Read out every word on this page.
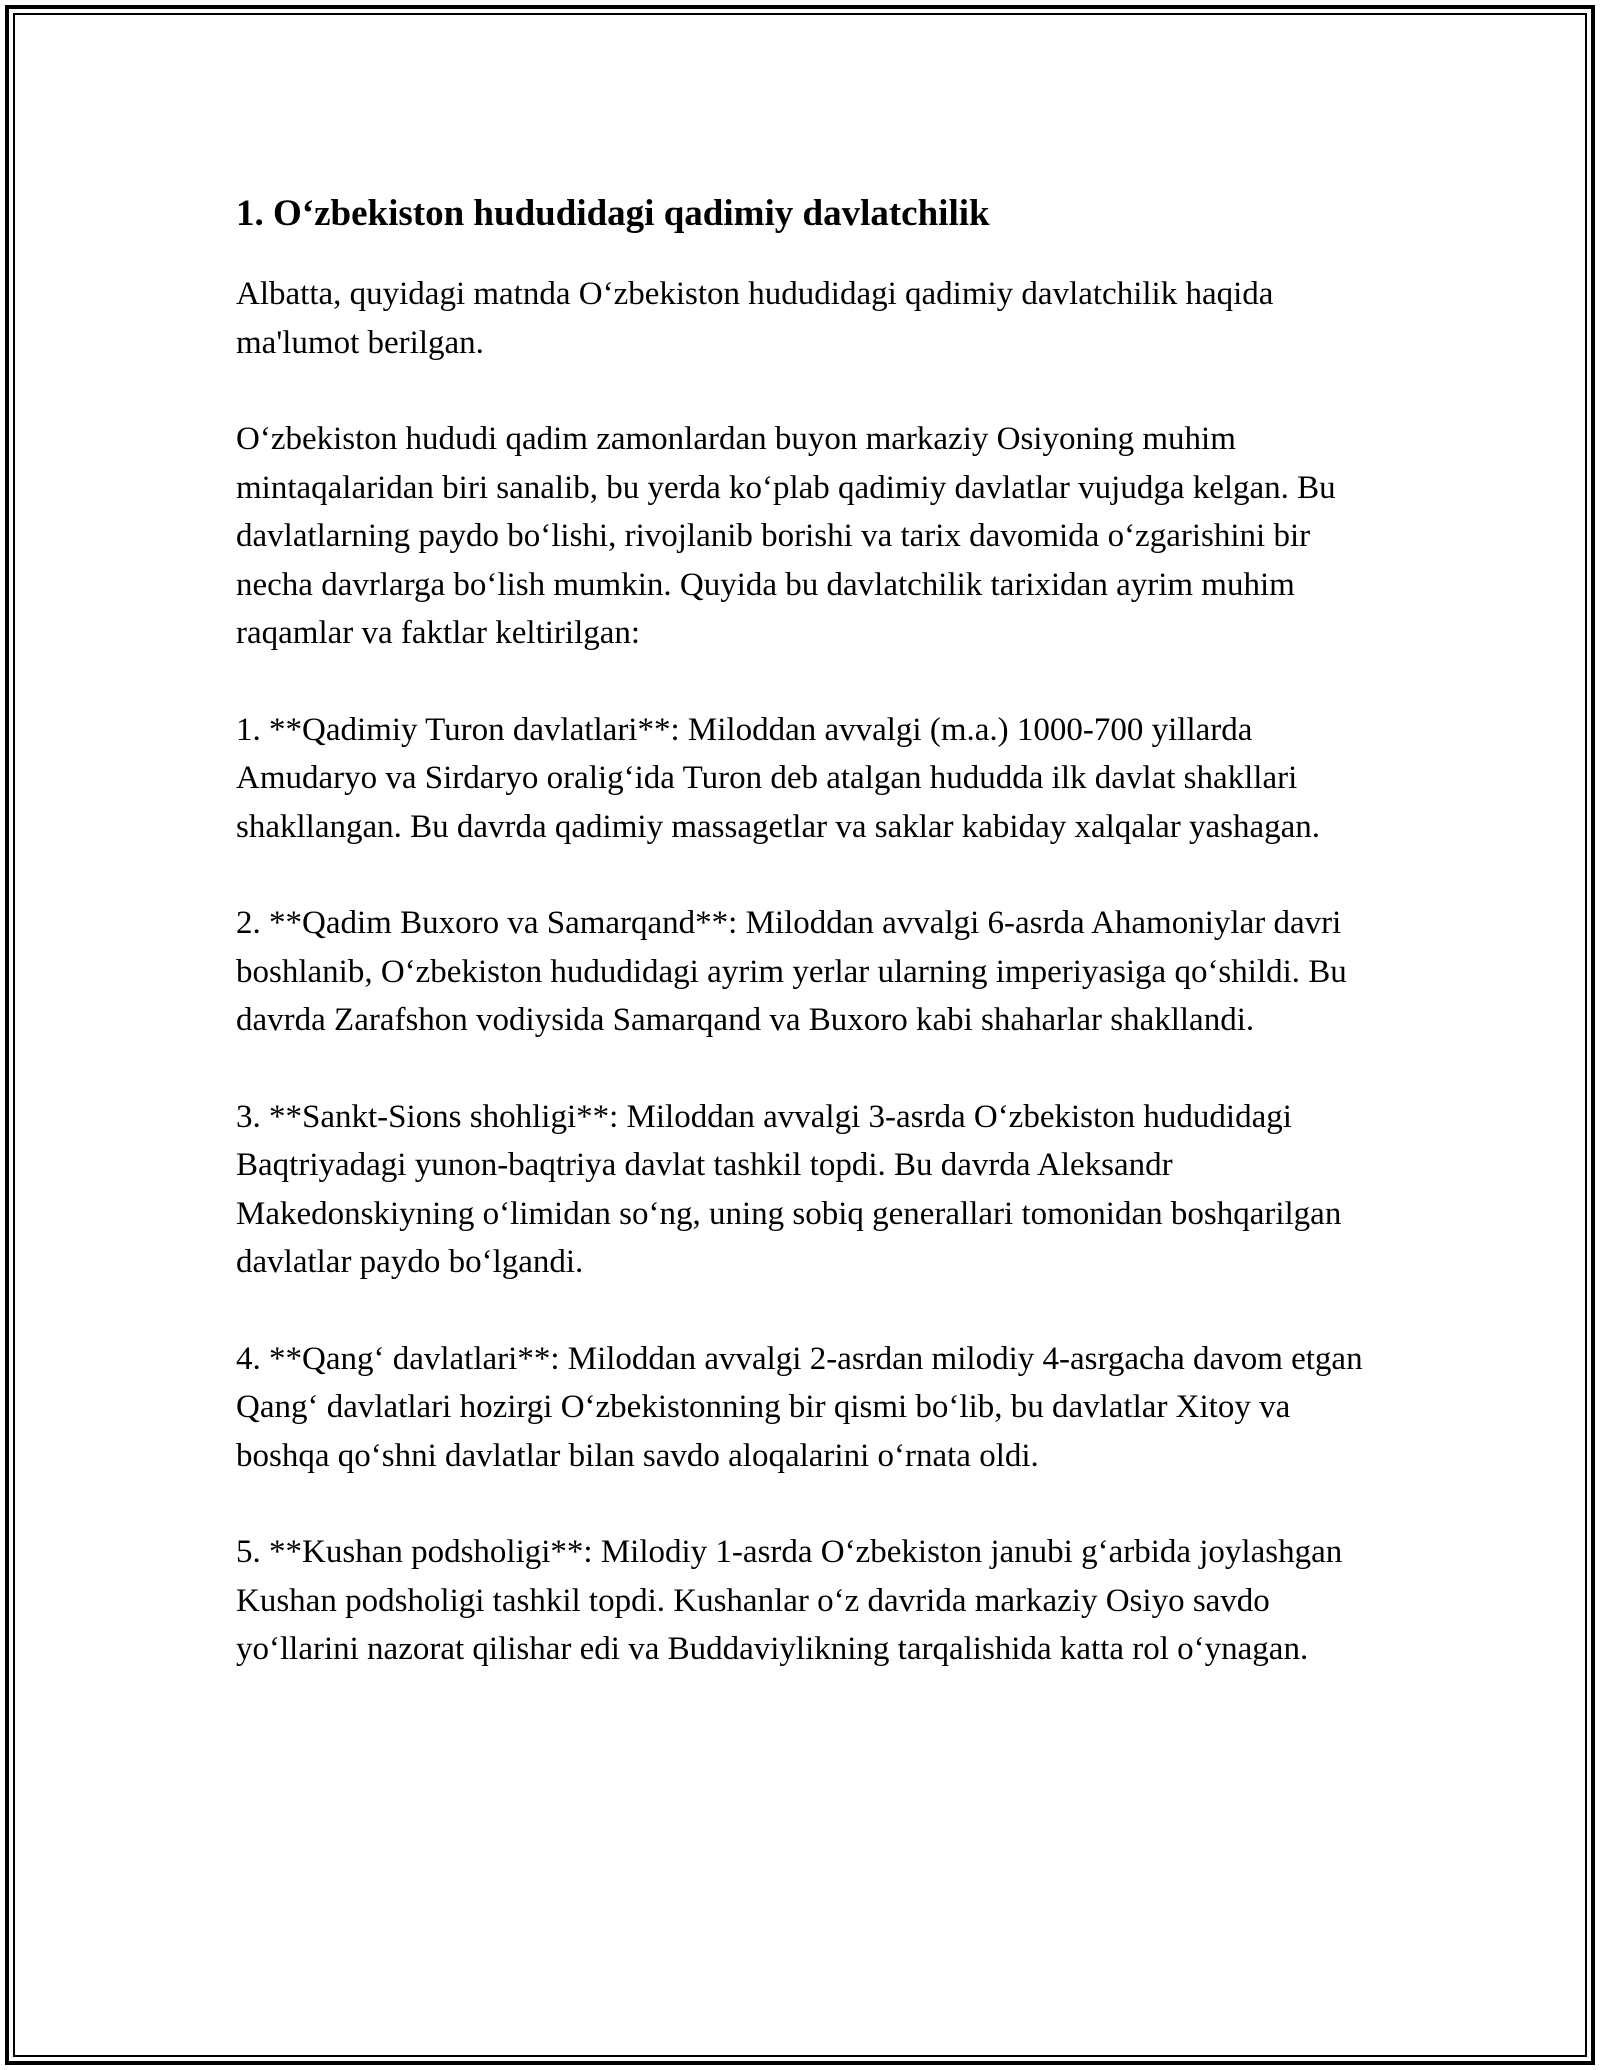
1. O‘zbekiston hududidagi qadimiy davlatchilik

Albatta, quyidagi matnda O‘zbekiston hududidagi qadimiy davlatchilik haqida ma'lumot berilgan.

O‘zbekiston hududi qadim zamonlardan buyon markaziy Osiyoning muhim mintaqalaridan biri sanalib, bu yerda ko‘plab qadimiy davlatlar vujudga kelgan. Bu davlatlarning paydo bo‘lishi, rivojlanib borishi va tarix davomida o‘zgarishini bir necha davrlarga bo‘lish mumkin. Quyida bu davlatchilik tarixidan ayrim muhim raqamlar va faktlar keltirilgan:

1. **Qadimiy Turon davlatlari**: Miloddan avvalgi (m.a.) 1000-700 yillarda Amudaryo va Sirdaryo oralig‘ida Turon deb atalgan hududda ilk davlat shakllari shakllangan. Bu davrda qadimiy massagetlar va saklar kabiday xalqalar yashagan.

2. **Qadim Buxoro va Samarqand**: Miloddan avvalgi 6-asrda Ahamoniylar davri boshlanib, O‘zbekiston hududidagi ayrim yerlar ularning imperiyasiga qo‘shildi. Bu davrda Zarafshon vodiysida Samarqand va Buxoro kabi shaharlar shakllandi.

3. **Sankt-Sions shohligi**: Miloddan avvalgi 3-asrda O‘zbekiston hududidagi Baqtriyadagi yunon-baqtriya davlat tashkil topdi. Bu davrda Aleksandr Makedonskiyning o‘limidan so‘ng, uning sobiq generallari tomonidan boshqarilgan davlatlar paydo bo‘lgandi.

4. **Qang‘ davlatlari**: Miloddan avvalgi 2-asrdan milodiy 4-asrgacha davom etgan Qang‘ davlatlari hozirgi O‘zbekistonning bir qismi bo‘lib, bu davlatlar Xitoy va boshqa qo‘shni davlatlar bilan savdo aloqalarini o‘rnata oldi.

5. **Kushan podsholigi**: Milodiy 1-asrda O‘zbekiston janubi g‘arbida joylashgan Kushan podsholigi tashkil topdi. Kushanlar o‘z davrida markaziy Osiyo savdo yo‘llarini nazorat qilishar edi va Buddaviylikning tarqalishida katta rol o‘ynagan.
